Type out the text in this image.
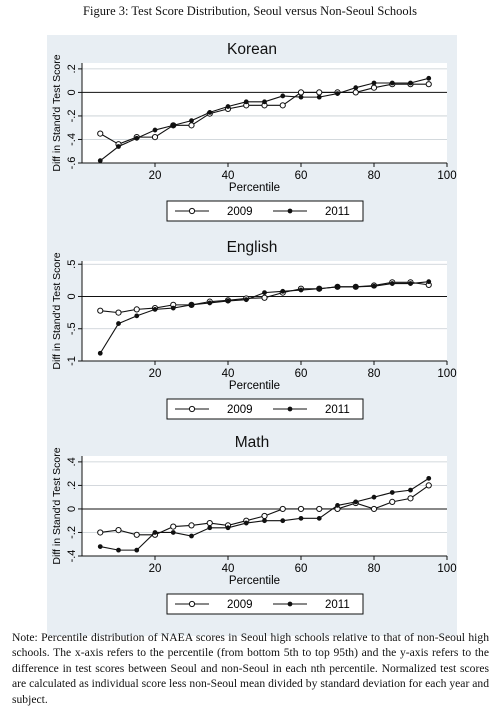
Figure 3: Test Score Distribution, Seoul versus Non-Seoul Schools
Korean
-.6
-.4
-.2
0
.2
20	40	60	80	100
Percentile
Diff in Stand'd Test Score
2009	2011
English
-1
-.5
0
.5
20	40	60	80	100
Percentile
Diff in Stand'd Test Score
2009	2011
Math
-.4
-.2
0
.2
.4
20	40	60	80	100
Percentile
Diff in Stand'd Test Score
2009	2011
Note: Percentile distribution of NAEA scores in Seoul high schools relative to that of non-Seoul high schools. The x-axis refers to the percentile (from bottom 5th to top 95th) and the y-axis refers to the difference in test scores between Seoul and non-Seoul in each nth percentile. Normalized test scores are calculated as individual score less non-Seoul mean divided by standard deviation for each year and subject.
